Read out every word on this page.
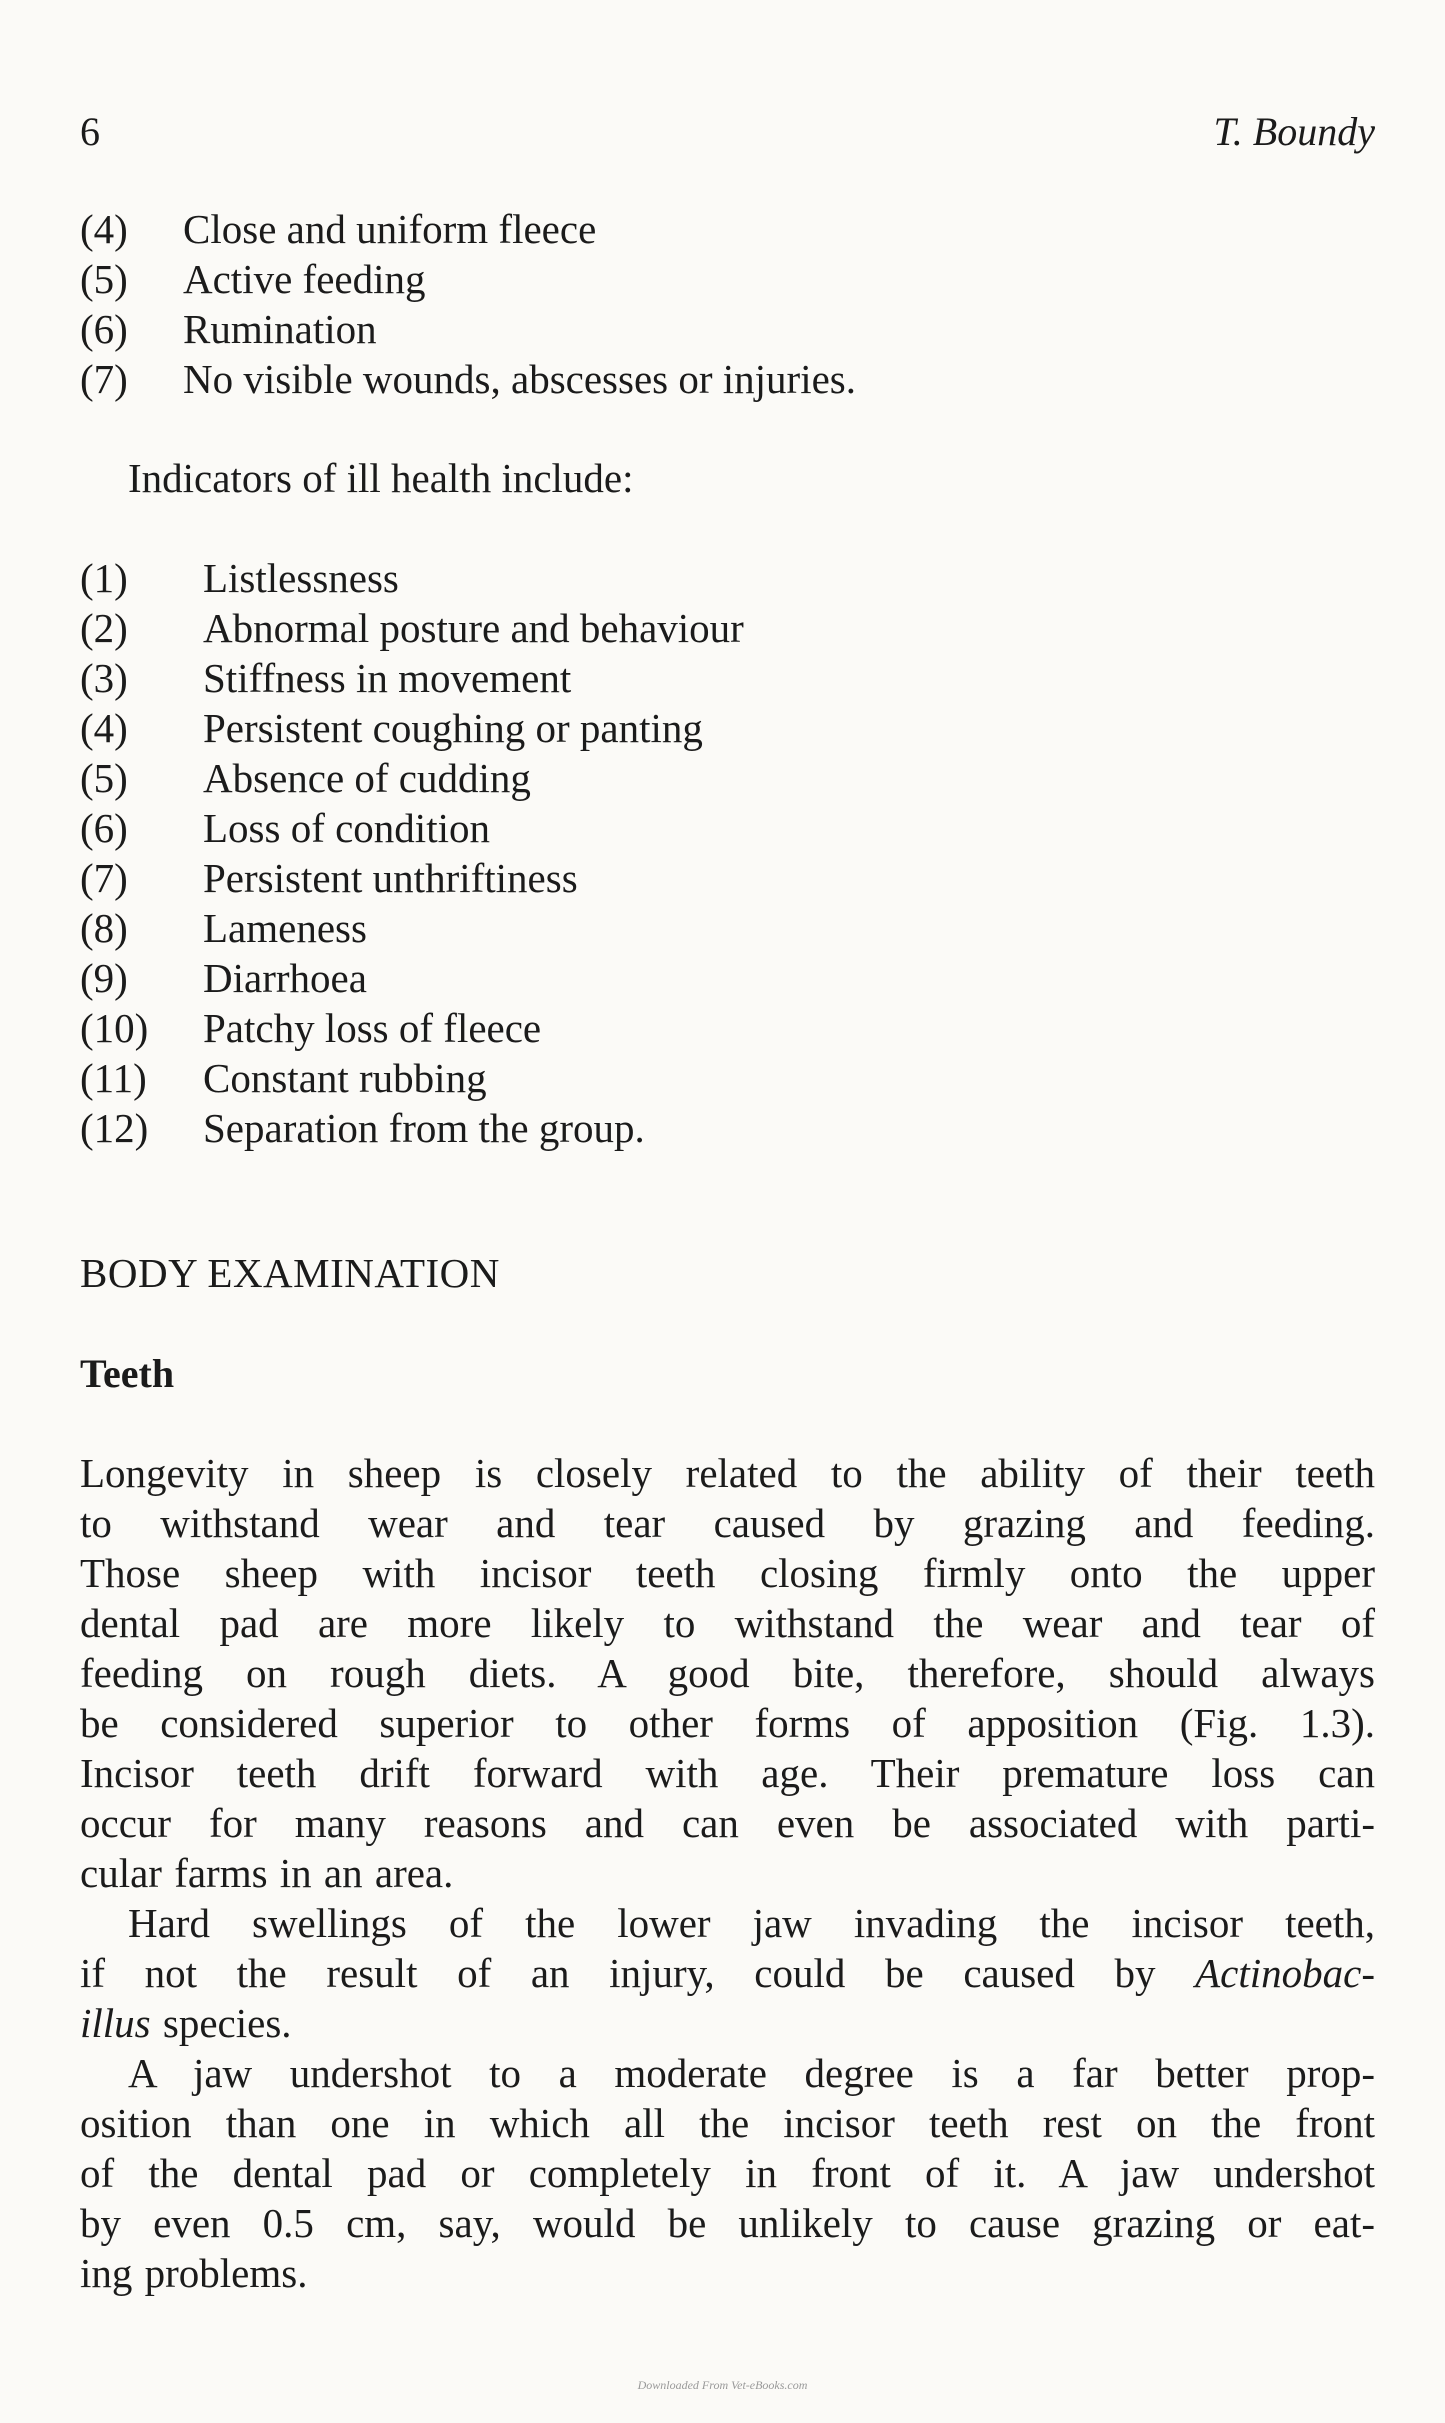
6	T. Boundy
(4)	Close and uniform fleece
(5)	Active feeding
(6)	Rumination
(7)	No visible wounds, abscesses or injuries.
Indicators of ill health include:
(1)	Listlessness
(2)	Abnormal posture and behaviour
(3)	Stiffness in movement
(4)	Persistent coughing or panting
(5)	Absence of cudding
(6)	Loss of condition
(7)	Persistent unthriftiness
(8)	Lameness
(9)	Diarrhoea
(10)	Patchy loss of fleece
(11)	Constant rubbing
(12)	Separation from the group.
BODY EXAMINATION
Teeth
Longevity in sheep is closely related to the ability of their teeth
to withstand wear and tear caused by grazing and feeding.
Those sheep with incisor teeth closing firmly onto the upper
dental pad are more likely to withstand the wear and tear of
feeding on rough diets. A good bite, therefore, should always
be considered superior to other forms of apposition (Fig. 1.3).
Incisor teeth drift forward with age. Their premature loss can
occur for many reasons and can even be associated with parti-
cular farms in an area.
Hard swellings of the lower jaw invading the incisor teeth,
if not the result of an injury, could be caused by Actinobac-
illus species.
A jaw undershot to a moderate degree is a far better prop-
osition than one in which all the incisor teeth rest on the front
of the dental pad or completely in front of it. A jaw undershot
by even 0.5 cm, say, would be unlikely to cause grazing or eat-
ing problems.
Downloaded From Vet-eBooks.com
